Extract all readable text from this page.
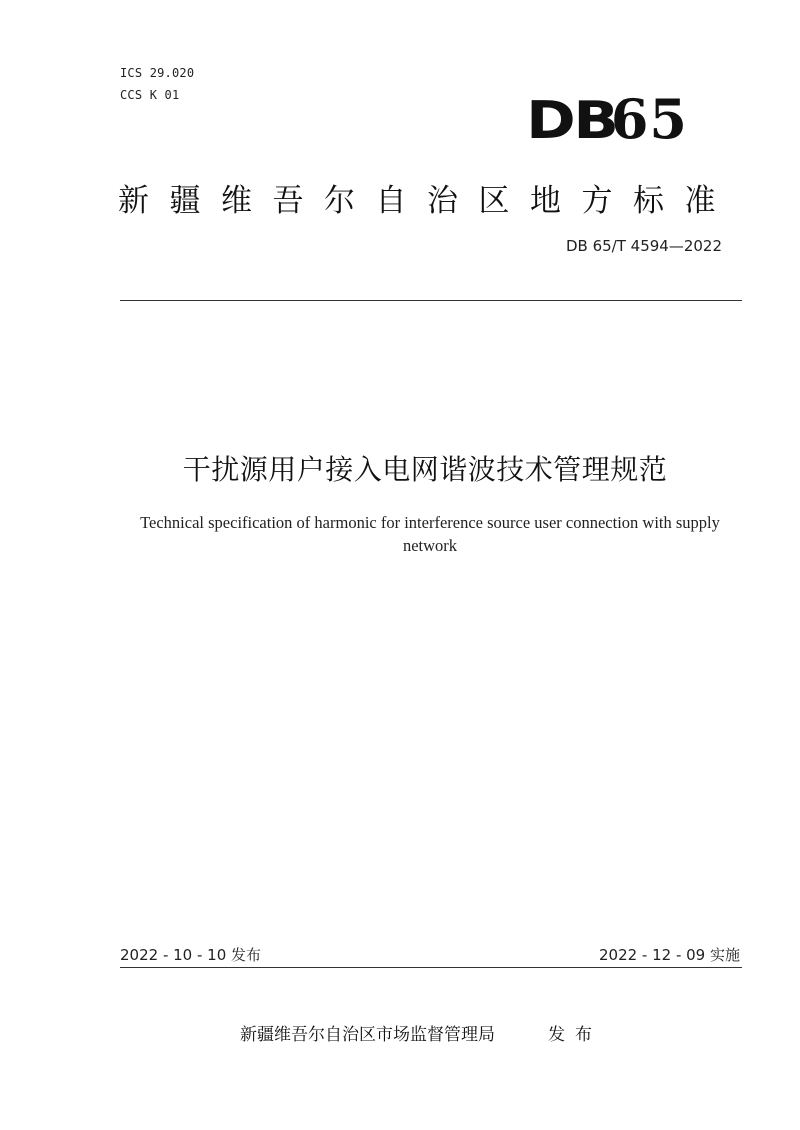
ICS 29.020
CCS K 01	DB65
新疆维吾尔自治区地方标准
DB 65/T 4594—2022
干扰源用户接入电网谐波技术管理规范
Technical specification of harmonic for interference source user connection with supply network
2022 - 10 - 10 发布	2022 - 12 - 09 实施
新疆维吾尔自治区市场监督管理局	发布
